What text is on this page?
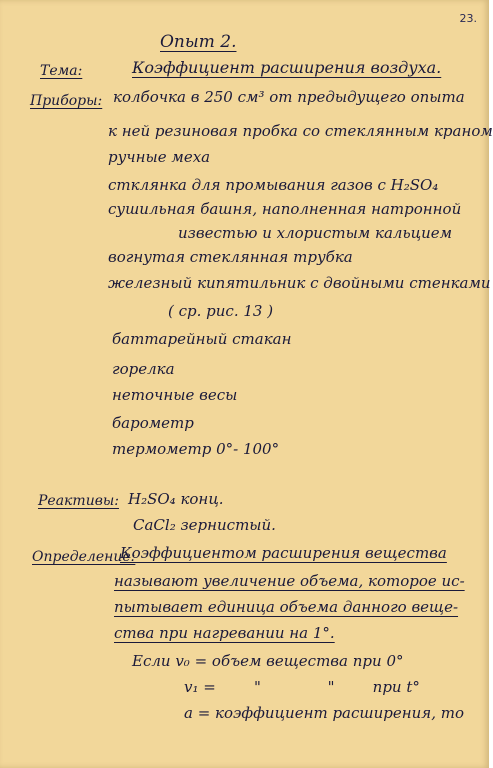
23.
Опыт 2.
Тема:	Коэффициент расширения воздуха.
Приборы: колбочка в 250 см³ от предыдущего опыта
к ней резиновая пробка со стеклянным краном
ручные меха
стклянка для промывания газов с H₂SO₄
сушильная башня, наполненная натронной
известью и хлористым кальцием
вогнутая стеклянная трубка
железный кипятильник с двойными стенками
( ср. рис. 13 )
баттарейный стакан
горелка
неточные весы
барометр
термометр 0°- 100°
Реактивы: H₂SO₄ конц.
CaCl₂ зернистый.
Определение:
Коэффициентом расширения вещества
называют увеличение объема, которое ис-
пытывает единица объема данного веще-
ства при нагревании на 1°.
Если v₀ = объем вещества при 0°
v₁ =        "              "        при t°
a = коэффициент расширения, то
